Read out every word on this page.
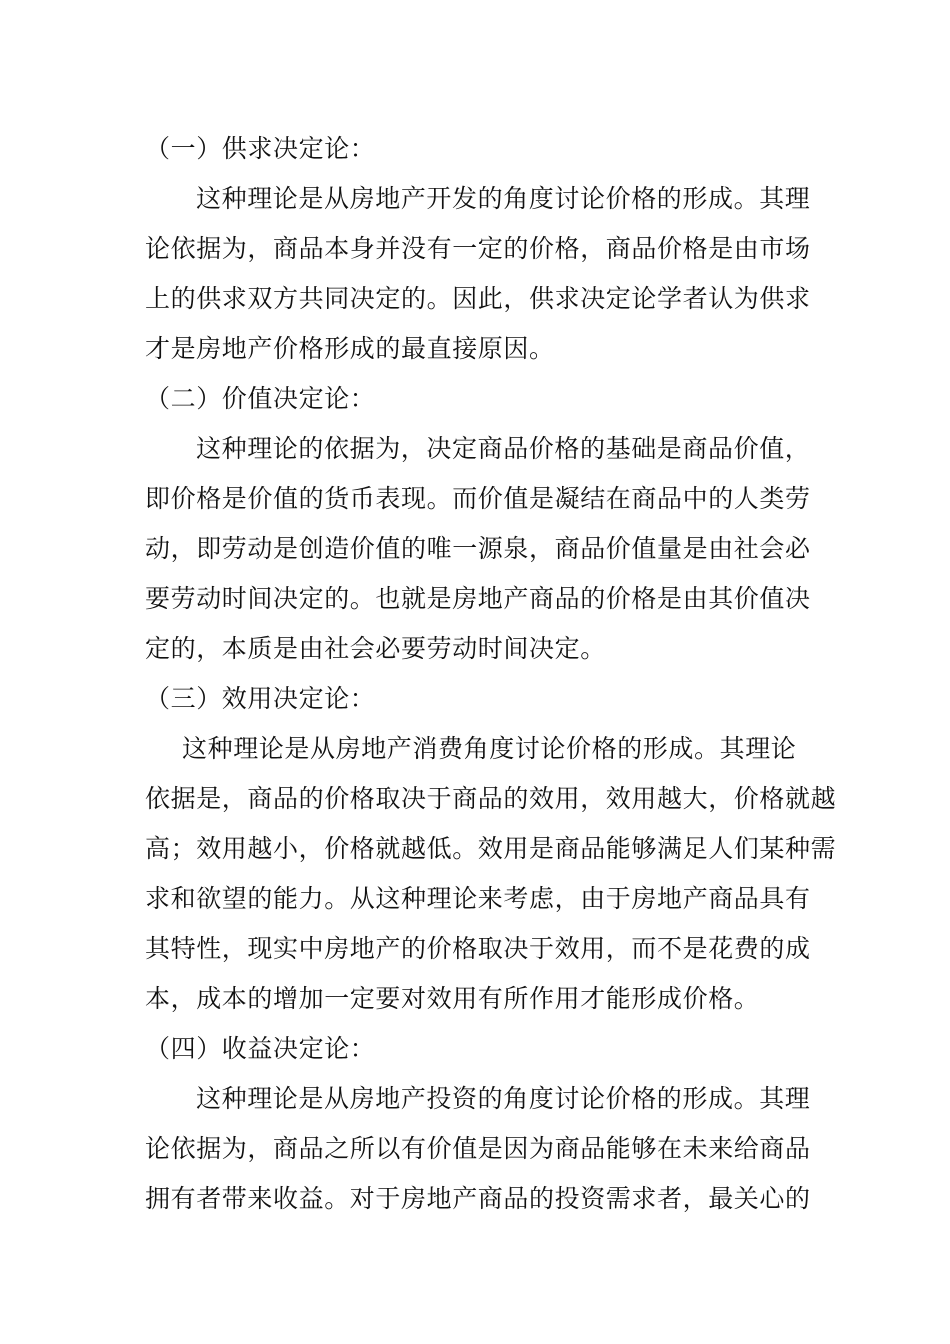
（一）供求决定论：
这种理论是从房地产开发的角度讨论价格的形成。其理
论依据为，商品本身并没有一定的价格，商品价格是由市场
上的供求双方共同决定的。因此，供求决定论学者认为供求
才是房地产价格形成的最直接原因。
（二）价值决定论：
这种理论的依据为，决定商品价格的基础是商品价值，
即价格是价值的货币表现。而价值是凝结在商品中的人类劳
动，即劳动是创造价值的唯一源泉，商品价值量是由社会必
要劳动时间决定的。也就是房地产商品的价格是由其价值决
定的，本质是由社会必要劳动时间决定。
（三）效用决定论：
这种理论是从房地产消费角度讨论价格的形成。其理论
依据是，商品的价格取决于商品的效用，效用越大，价格就越
高；效用越小，价格就越低。效用是商品能够满足人们某种需
求和欲望的能力。从这种理论来考虑，由于房地产商品具有
其特性，现实中房地产的价格取决于效用，而不是花费的成
本，成本的增加一定要对效用有所作用才能形成价格。
（四）收益决定论：
这种理论是从房地产投资的角度讨论价格的形成。其理
论依据为，商品之所以有价值是因为商品能够在未来给商品
拥有者带来收益。对于房地产商品的投资需求者，最关心的
